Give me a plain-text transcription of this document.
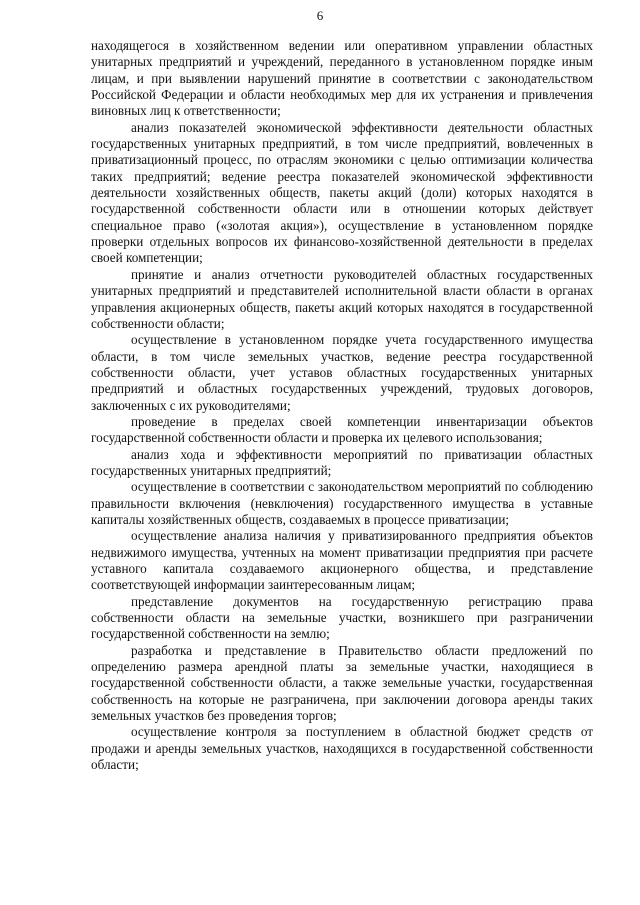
6

находящегося в хозяйственном ведении или оперативном управлении областных унитарных предприятий и учреждений, переданного в установленном порядке иным лицам, и при выявлении нарушений принятие в соответствии с законодательством Российской Федерации и области необходимых мер для их устранения и привлечения виновных лиц к ответственности;

анализ показателей экономической эффективности деятельности областных государственных унитарных предприятий, в том числе предприятий, вовлеченных в приватизационный процесс, по отраслям экономики с целью оптимизации количества таких предприятий; ведение реестра показателей экономической эффективности деятельности хозяйственных обществ, пакеты акций (доли) которых находятся в государственной собственности области или в отношении которых действует специальное право («золотая акция»), осуществление в установленном порядке проверки отдельных вопросов их финансово-хозяйственной деятельности в пределах своей компетенции;

принятие и анализ отчетности руководителей областных государственных унитарных предприятий и представителей исполнительной власти области в органах управления акционерных обществ, пакеты акций которых находятся в государственной собственности области;

осуществление в установленном порядке учета государственного имущества области, в том числе земельных участков, ведение реестра государственной собственности области, учет уставов областных государственных унитарных предприятий и областных государственных учреждений, трудовых договоров, заключенных с их руководителями;

проведение в пределах своей компетенции инвентаризации объектов государственной собственности области и проверка их целевого использования;

анализ хода и эффективности мероприятий по приватизации областных государственных унитарных предприятий;

осуществление в соответствии с законодательством мероприятий по соблюдению правильности включения (невключения) государственного имущества в уставные капиталы хозяйственных обществ, создаваемых в процессе приватизации;

осуществление анализа наличия у приватизированного предприятия объектов недвижимого имущества, учтенных на момент приватизации предприятия при расчете уставного капитала создаваемого акционерного общества, и представление соответствующей информации заинтересованным лицам;

представление документов на государственную регистрацию права собственности области на земельные участки, возникшего при разграничении государственной собственности на землю;

разработка и представление в Правительство области предложений по определению размера арендной платы за земельные участки, находящиеся в государственной собственности области, а также земельные участки, государственная собственность на которые не разграничена, при заключении договора аренды таких земельных участков без проведения торгов;

осуществление контроля за поступлением в областной бюджет средств от продажи и аренды земельных участков, находящихся в государственной собственности области;
